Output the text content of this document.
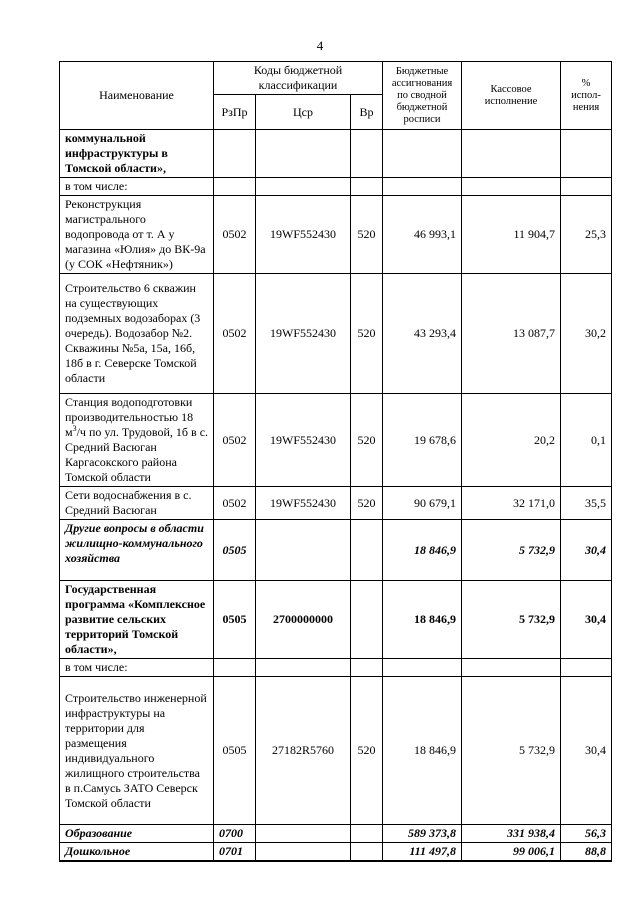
4
Наименование	Коды бюджетной классификации			Бюджетные ассигнования по сводной бюджетной росписи	Кассовое исполнение	% испол-нения
	РзПр	Цср	Вр			
коммунальной инфраструктуры в Томской области»,						
в том числе:						
Реконструкция магистрального водопровода от т. А у магазина «Юлия» до ВК-9а (у СОК «Нефтяник»)	0502	19WF552430	520	46 993,1	11 904,7	25,3
Строительство 6 скважин на существующих подземных водозаборах (3 очередь). Водозабор №2. Скважины №5а, 15а, 16б, 18б в г. Северске Томской области	0502	19WF552430	520	43 293,4	13 087,7	30,2
Станция водоподготовки производительностью 18 $м^3/ч$ по ул. Трудовой, 1б в с. Средний Васюган Каргасокского района Томской области	0502	19WF552430	520	19 678,6	20,2	0,1
Сети водоснабжения в с. Средний Васюган	0502	19WF552430	520	90 679,1	32 171,0	35,5
Другие вопросы в области жилищно-коммунального хозяйства	0505			18 846,9	5 732,9	30,4
Государственная программа «Комплексное развитие сельских территорий Томской области»,	0505	2700000000		18 846,9	5 732,9	30,4
в том числе:						
Строительство инженерной инфраструктуры на территории для размещения индивидуального жилищного строительства в п.Самусь ЗАТО Северск Томской области	0505	27182R5760	520	18 846,9	5 732,9	30,4
Образование	0700			589 373,8	331 938,4	56,3
Дошкольное	0701			111 497,8	99 006,1	88,8
